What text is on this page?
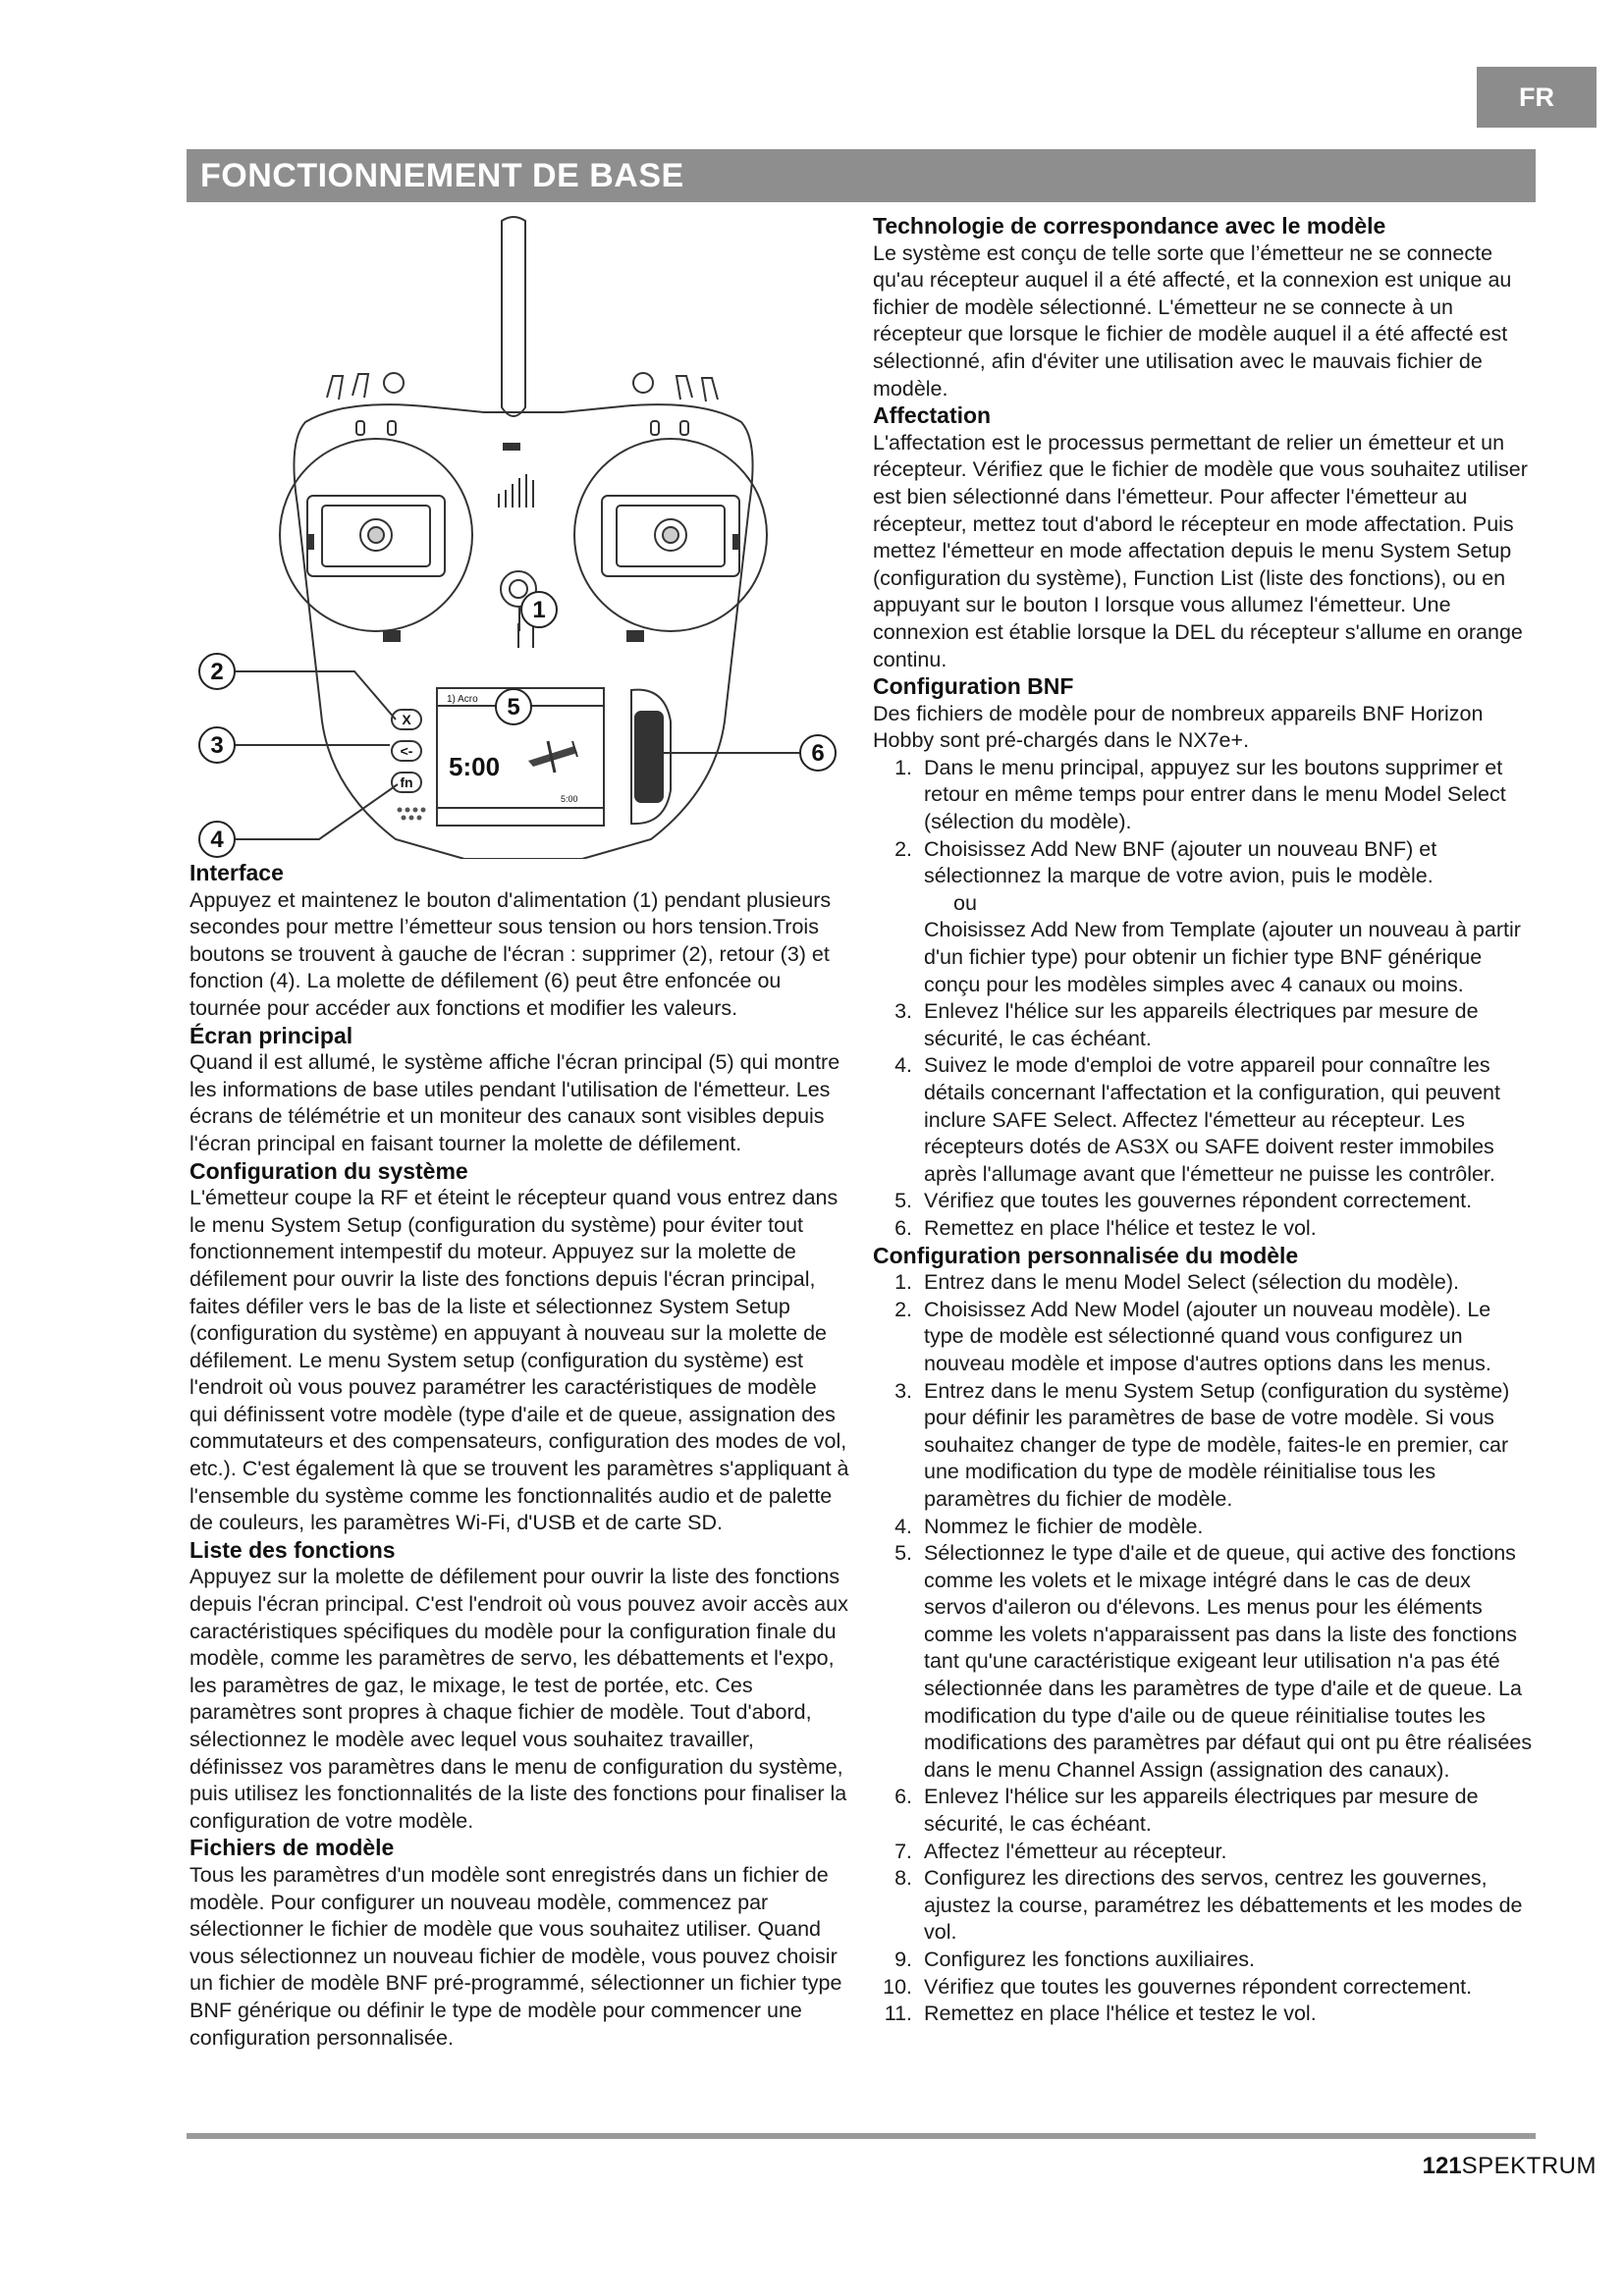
FR
FONCTIONNEMENT DE BASE
X
<-
fn
1) Acro
5:00
5:00
1
2
3
4
5
6
Interface

Appuyez et maintenez le bouton d'alimentation (1) pendant plusieurs secondes pour mettre l’émetteur sous tension ou hors tension.Trois boutons se trouvent à gauche de l'écran : supprimer (2), retour (3) et fonction (4). La molette de défilement (6) peut être enfoncée ou tournée pour accéder aux fonctions et modifier les valeurs.

Écran principal

Quand il est allumé, le système affiche l'écran principal (5) qui montre les informations de base utiles pendant l'utilisation de l'émetteur. Les écrans de télémétrie et un moniteur des canaux sont visibles depuis l'écran principal en faisant tourner la molette de défilement.

Configuration du système

L'émetteur coupe la RF et éteint le récepteur quand vous entrez dans le menu System Setup (configuration du système) pour éviter tout fonctionnement intempestif du moteur. Appuyez sur la molette de défilement pour ouvrir la liste des fonctions depuis l'écran principal, faites défiler vers le bas de la liste et sélectionnez System Setup (configuration du système) en appuyant à nouveau sur la molette de défilement. Le menu System setup (configuration du système) est l'endroit où vous pouvez paramétrer les caractéristiques de modèle qui définissent votre modèle (type d'aile et de queue, assignation des commutateurs et des compensateurs, configuration des modes de vol, etc.). C'est également là que se trouvent les paramètres s'appliquant à l'ensemble du système comme les fonctionnalités audio et de palette de couleurs, les paramètres Wi-Fi, d'USB et de carte SD.

Liste des fonctions

Appuyez sur la molette de défilement pour ouvrir la liste des fonctions depuis l'écran principal. C'est l'endroit où vous pouvez avoir accès aux caractéristiques spécifiques du modèle pour la configuration finale du modèle, comme les paramètres de servo, les débattements et l'expo, les paramètres de gaz, le mixage, le test de portée, etc. Ces paramètres sont propres à chaque fichier de modèle. Tout d'abord, sélectionnez le modèle avec lequel vous souhaitez travailler, définissez vos paramètres dans le menu de configuration du système, puis utilisez les fonctionnalités de la liste des fonctions pour finaliser la configuration de votre modèle.

Fichiers de modèle

Tous les paramètres d'un modèle sont enregistrés dans un fichier de modèle. Pour configurer un nouveau modèle, commencez par sélectionner le fichier de modèle que vous souhaitez utiliser. Quand vous sélectionnez un nouveau fichier de modèle, vous pouvez choisir un fichier de modèle BNF pré-programmé, sélectionner un fichier type BNF générique ou définir le type de modèle pour commencer une configuration personnalisée.

Technologie de correspondance avec le modèle

Le système est conçu de telle sorte que l’émetteur ne se connecte qu'au récepteur auquel il a été affecté, et la connexion est unique au fichier de modèle sélectionné. L'émetteur ne se connecte à un récepteur que lorsque le fichier de modèle auquel il a été affecté est sélectionné, afin d'éviter une utilisation avec le mauvais fichier de modèle.

Affectation

L'affectation est le processus permettant de relier un émetteur et un récepteur. Vérifiez que le fichier de modèle que vous souhaitez utiliser est bien sélectionné dans l'émetteur. Pour affecter l'émetteur au récepteur, mettez tout d'abord le récepteur en mode affectation. Puis mettez l'émetteur en mode affectation depuis le menu System Setup (configuration du système), Function List (liste des fonctions), ou en appuyant sur le bouton I lorsque vous allumez l'émetteur. Une connexion est établie lorsque la DEL du récepteur s'allume en orange continu.

Configuration BNF

Des fichiers de modèle pour de nombreux appareils BNF Horizon Hobby sont pré-chargés dans le NX7e+.

1. Dans le menu principal, appuyez sur les boutons supprimer et retour en même temps pour entrer dans le menu Model Select (sélection du modèle).
2. Choisissez Add New BNF (ajouter un nouveau BNF) et sélectionnez la marque de votre avion, puis le modèle.
ou
Choisissez Add New from Template (ajouter un nouveau à partir d'un fichier type) pour obtenir un fichier type BNF générique conçu pour les modèles simples avec 4 canaux ou moins.
3. Enlevez l'hélice sur les appareils électriques par mesure de sécurité, le cas échéant.
4. Suivez le mode d'emploi de votre appareil pour connaître les détails concernant l'affectation et la configuration, qui peuvent inclure SAFE Select. Affectez l'émetteur au récepteur. Les récepteurs dotés de AS3X ou SAFE doivent rester immobiles après l'allumage avant que l'émetteur ne puisse les contrôler.
5. Vérifiez que toutes les gouvernes répondent correctement.
6. Remettez en place l'hélice et testez le vol.
Configuration personnalisée du modèle
1. Entrez dans le menu Model Select (sélection du modèle).
2. Choisissez Add New Model (ajouter un nouveau modèle). Le type de modèle est sélectionné quand vous configurez un nouveau modèle et impose d'autres options dans les menus.
3. Entrez dans le menu System Setup (configuration du système) pour définir les paramètres de base de votre modèle. Si vous souhaitez changer de type de modèle, faites-le en premier, car une modification du type de modèle réinitialise tous les paramètres du fichier de modèle.
4. Nommez le fichier de modèle.
5. Sélectionnez le type d'aile et de queue, qui active des fonctions comme les volets et le mixage intégré dans le cas de deux servos d'aileron ou d'élevons. Les menus pour les éléments comme les volets n'apparaissent pas dans la liste des fonctions tant qu'une caractéristique exigeant leur utilisation n'a pas été sélectionnée dans les paramètres de type d'aile et de queue. La modification du type d'aile ou de queue réinitialise toutes les modifications des paramètres par défaut qui ont pu être réalisées dans le menu Channel Assign (assignation des canaux).
6. Enlevez l'hélice sur les appareils électriques par mesure de sécurité, le cas échéant.
7. Affectez l'émetteur au récepteur.
8. Configurez les directions des servos, centrez les gouvernes, ajustez la course, paramétrez les débattements et les modes de vol.
9. Configurez les fonctions auxiliaires.
10. Vérifiez que toutes les gouvernes répondent correctement.
11. Remettez en place l'hélice et testez le vol.
121SPEKTRUM
